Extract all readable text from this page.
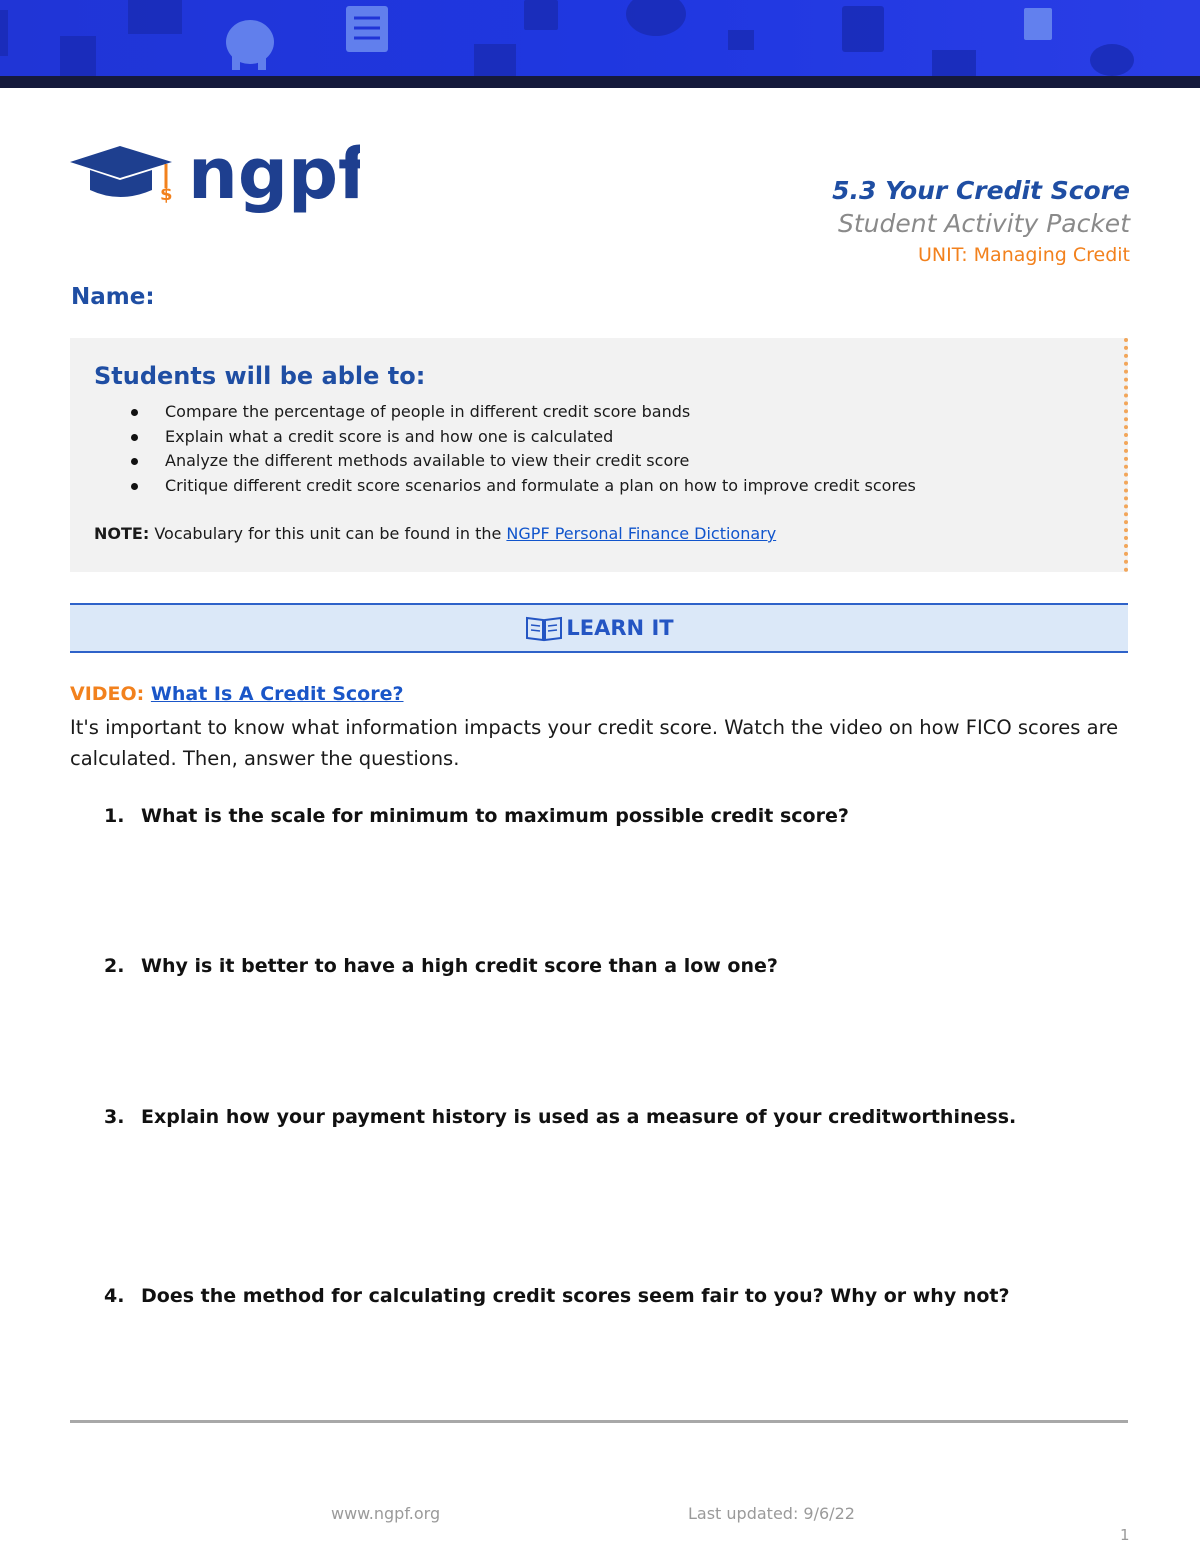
$ ngpf	5.3 Your Credit Score

Student Activity Packet

UNIT: Managing Credit

Name:

Students will be able to:

Compare the percentage of people in different credit score bands
Explain what a credit score is and how one is calculated
Analyze the different methods available to view their credit score
Critique different credit score scenarios and formulate a plan on how to improve credit scores
NOTE: Vocabulary for this unit can be found in the NGPF Personal Finance Dictionary
LEARN IT
VIDEO: What Is A Credit Score?

It's important to know what information impacts your credit score. Watch the video on how FICO scores are calculated. Then, answer the questions.

1. What is the scale for minimum to maximum possible credit score?
2. Why is it better to have a high credit score than a low one?
3. Explain how your payment history is used as a measure of your creditworthiness.
4. Does the method for calculating credit scores seem fair to you? Why or why not?
www.ngpf.org	Last updated: 9/6/22
1
